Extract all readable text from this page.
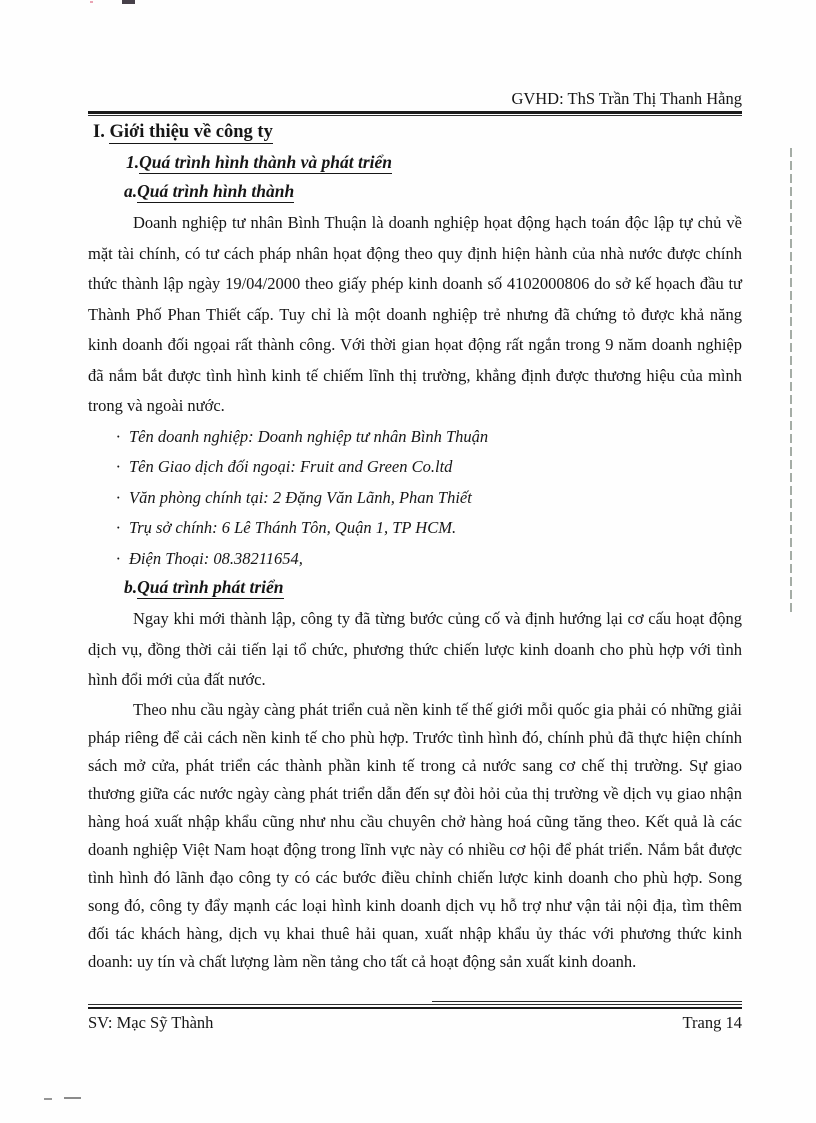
GVHD: ThS Trần Thị Thanh Hằng
I. Giới thiệu về công ty
1.Quá trình hình thành và phát triển
a.Quá trình hình thành

Doanh nghiệp tư nhân Bình Thuận là doanh nghiệp họat động hạch toán độc lập tự chủ về mặt tài chính, có tư cách pháp nhân họat động theo quy định hiện hành của nhà nước được chính thức thành lập ngày 19/04/2000 theo giấy phép kinh doanh số 4102000806 do sở kế họach đầu tư Thành Phố Phan Thiết cấp. Tuy chỉ là một doanh nghiệp trẻ nhưng đã chứng tỏ được khả năng kinh doanh đối ngọai rất thành công. Với thời gian họat động rất ngắn trong 9 năm doanh nghiệp đã nắm bắt được tình hình kinh tế chiếm lĩnh thị trường, khẳng định được thương hiệu của mình trong và ngoài nước.

· Tên doanh nghiệp: Doanh nghiệp tư nhân Bình Thuận
· Tên Giao dịch đối ngoại: Fruit and Green Co.ltd
· Văn phòng chính tại: 2 Đặng Văn Lãnh, Phan Thiết
· Trụ sở chính: 6 Lê Thánh Tôn, Quận 1, TP HCM.
· Điện Thoại: 08.38211654,
b.Quá trình phát triển

Ngay khi mới thành lập, công ty đã từng bước củng cố và định hướng lại cơ cấu hoạt động dịch vụ, đồng thời cải tiến lại tổ chức, phương thức chiến lược kinh doanh cho phù hợp với tình hình đổi mới của đất nước.

Theo nhu cầu ngày càng phát triển cuả nền kinh tế thế giới mỗi quốc gia phải có những giải pháp riêng để cải cách nền kinh tế cho phù hợp. Trước tình hình đó, chính phủ đã thực hiện chính sách mở cửa, phát triển các thành phần kinh tế trong cả nước sang cơ chế thị trường. Sự giao thương giữa các nước ngày càng phát triển dẫn đến sự đòi hỏi của thị trường về dịch vụ giao nhận hàng hoá xuất nhập khẩu cũng như nhu cầu chuyên chở hàng hoá cũng tăng theo. Kết quả là các doanh nghiệp Việt Nam hoạt động trong lĩnh vực này có nhiều cơ hội để phát triển. Nắm bắt được tình hình đó lãnh đạo công ty có các bước điều chỉnh chiến lược kinh doanh cho phù hợp. Song song đó, công ty đẩy mạnh các loại hình kinh doanh dịch vụ hỗ trợ như vận tải nội địa, tìm thêm đối tác khách hàng, dịch vụ khai thuê hải quan, xuất nhập khẩu ủy thác với phương thức kinh doanh: uy tín và chất lượng làm nền tảng cho tất cả hoạt động sản xuất kinh doanh.

SV: Mạc Sỹ Thành	Trang 14
